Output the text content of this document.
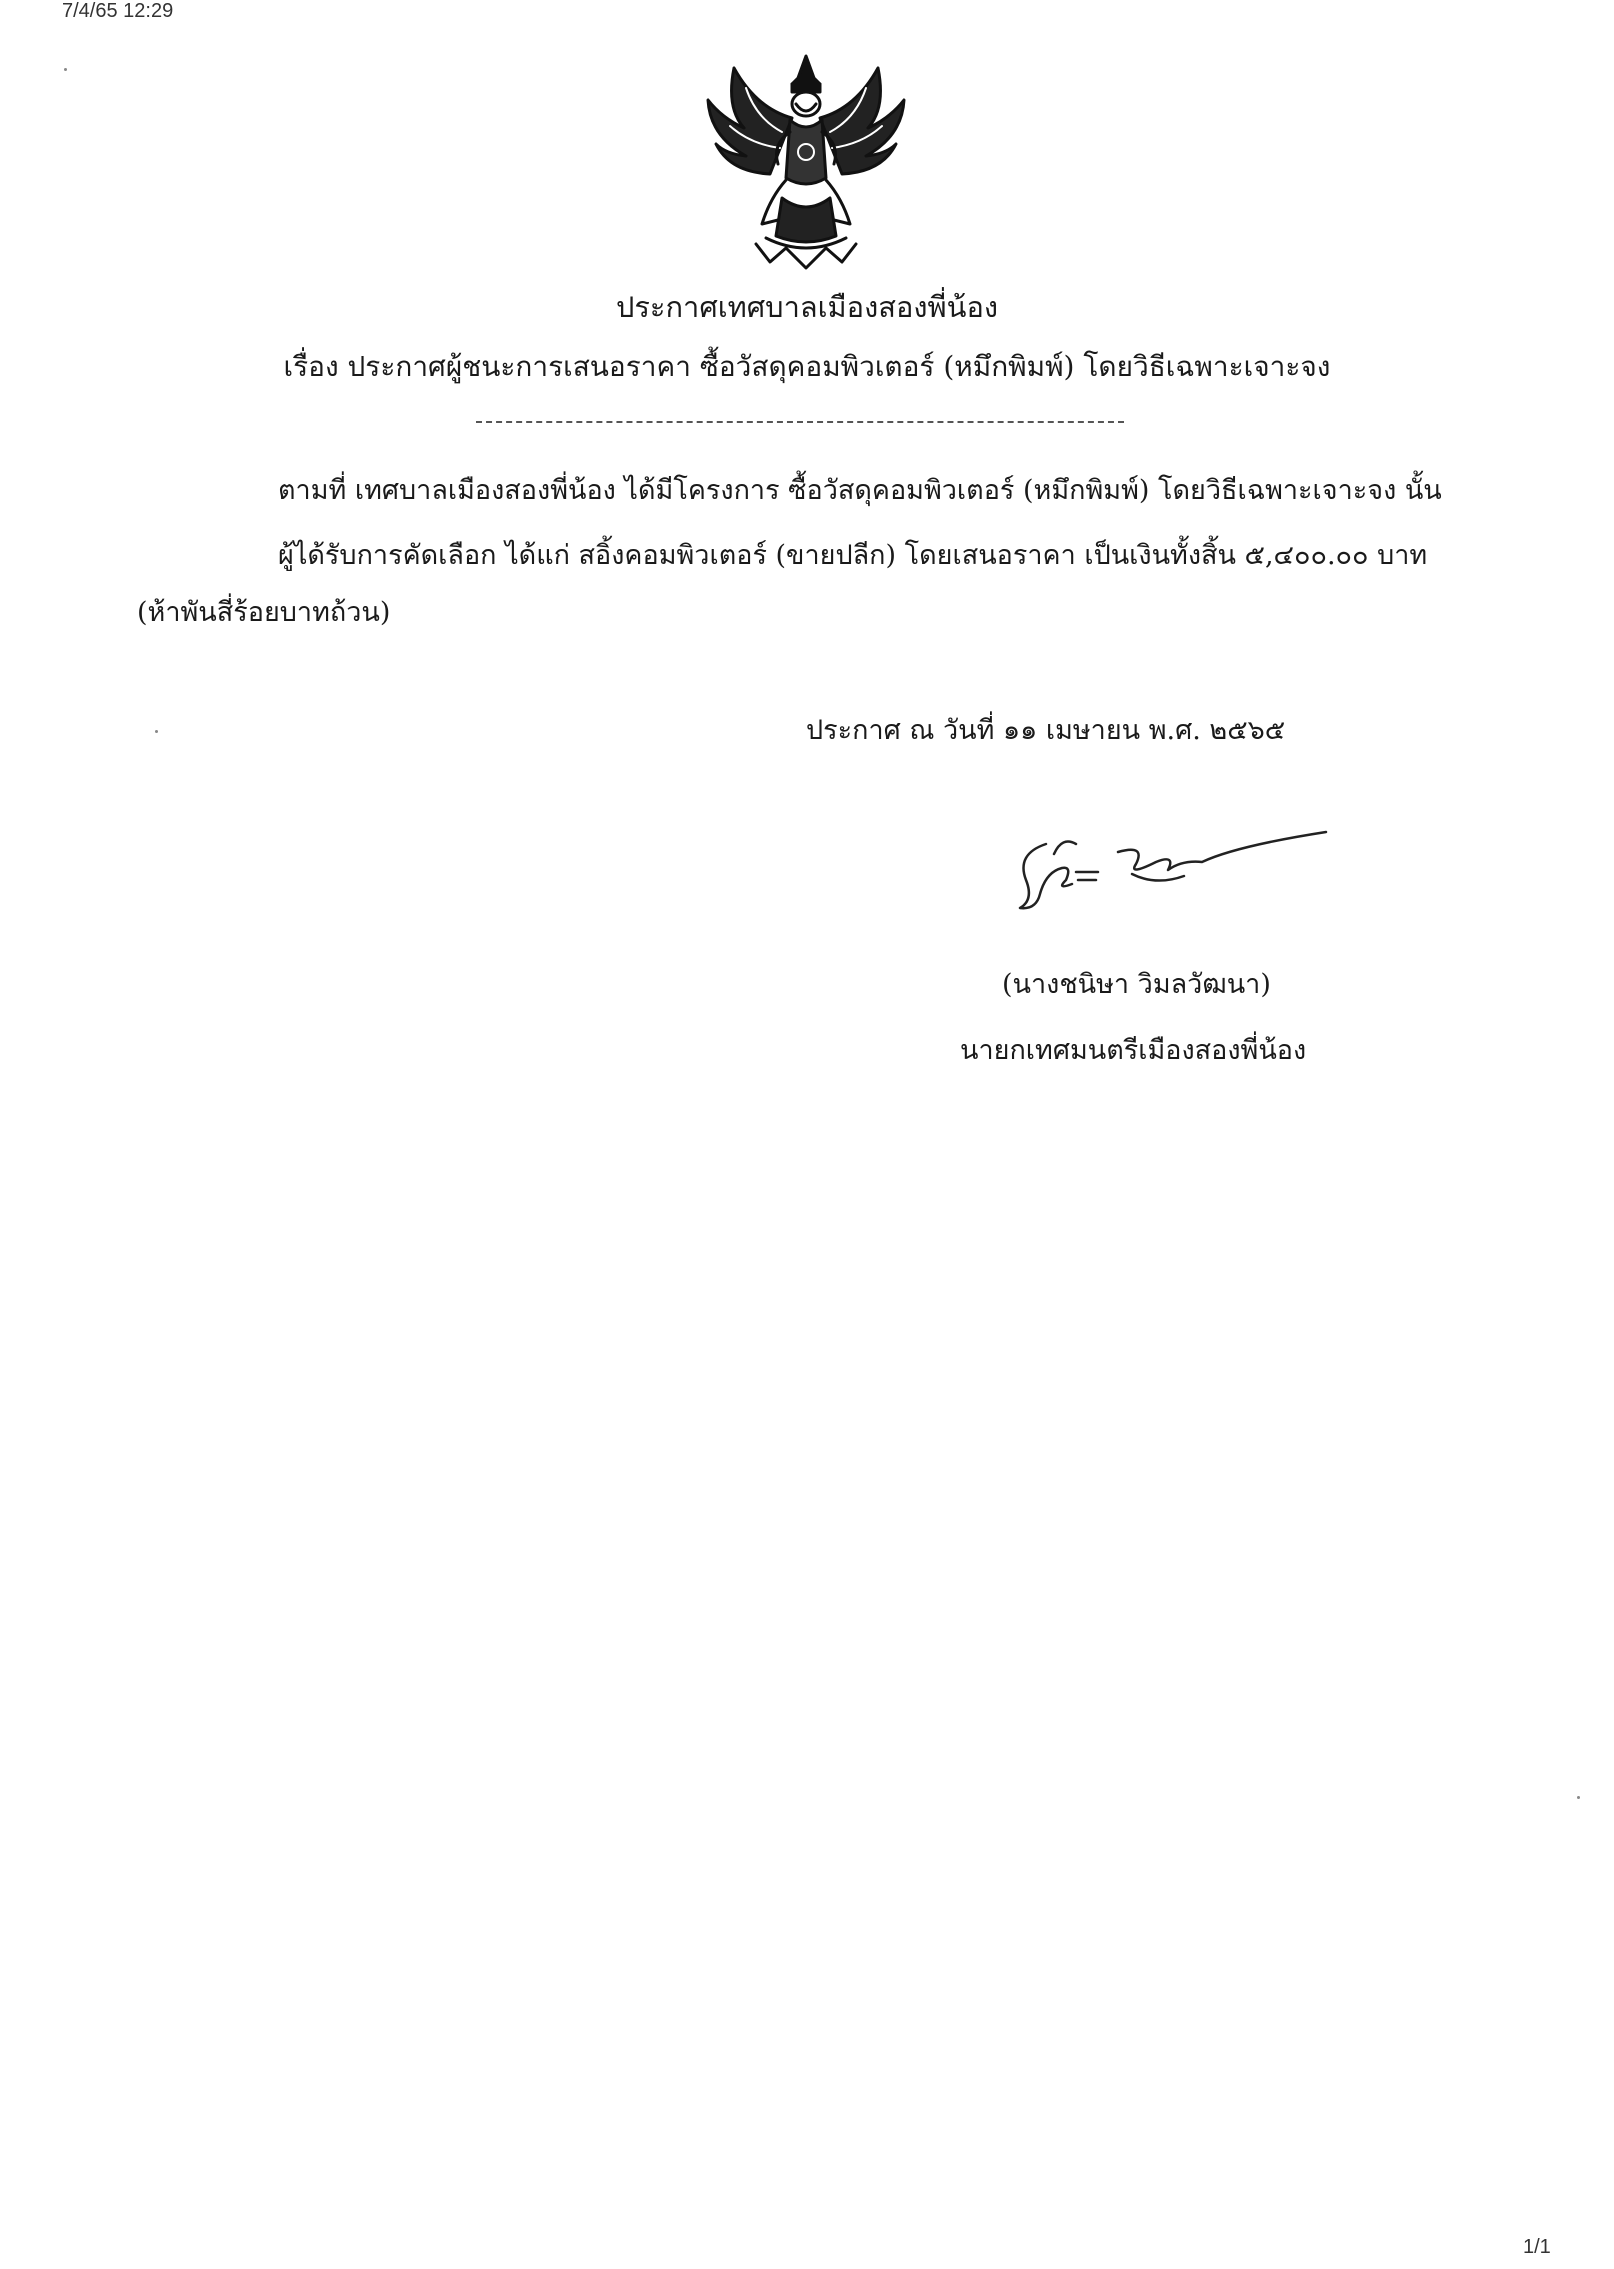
7/4/65 12:29
ประกาศเทศบาลเมืองสองพี่น้อง
เรื่อง ประกาศผู้ชนะการเสนอราคา ซื้อวัสดุคอมพิวเตอร์ (หมึกพิมพ์) โดยวิธีเฉพาะเจาะจง
ตามที่ เทศบาลเมืองสองพี่น้อง ได้มีโครงการ ซื้อวัสดุคอมพิวเตอร์ (หมึกพิมพ์) โดยวิธีเฉพาะเจาะจง นั้น
ผู้ได้รับการคัดเลือก ได้แก่ สอิ้งคอมพิวเตอร์ (ขายปลีก) โดยเสนอราคา เป็นเงินทั้งสิ้น ๕,๔๐๐.๐๐ บาท
(ห้าพันสี่ร้อยบาทถ้วน)
ประกาศ ณ วันที่ ๑๑ เมษายน พ.ศ. ๒๕๖๕
(นางชนิษา วิมลวัฒนา)
นายกเทศมนตรีเมืองสองพี่น้อง
1/1
